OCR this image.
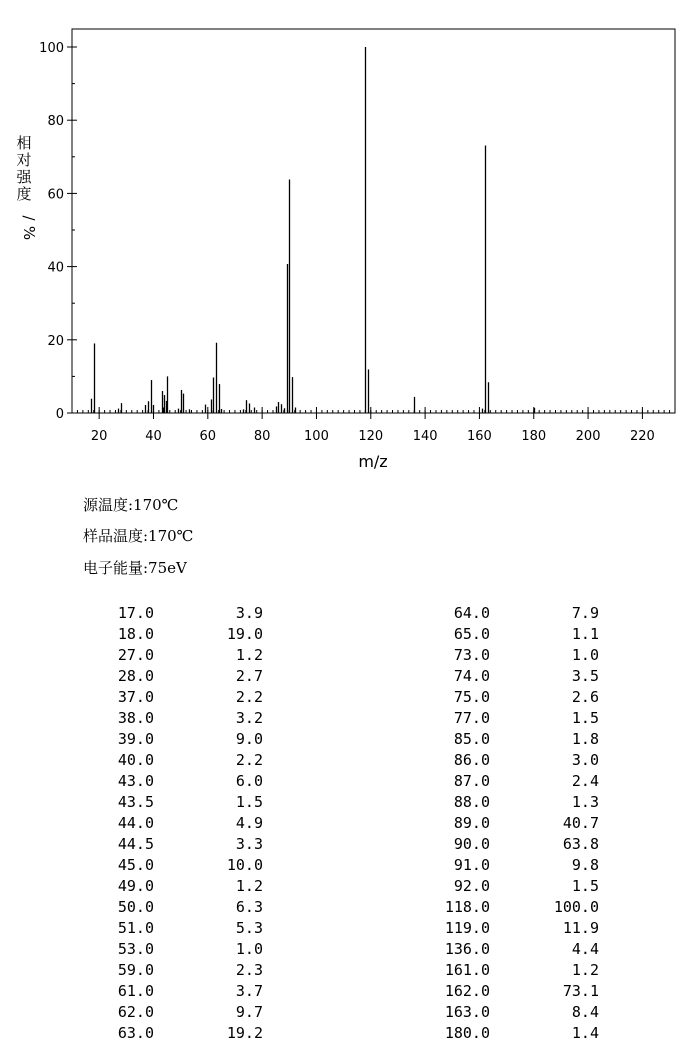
0
20
40
60
80
100
20	40	60	80	100 120 140 160 180 200 220
m/z
相
对
强
度
/
%
源温度:170℃
样品温度:170℃
电子能量:75eV
17.0	3.9	64.0	7.9
18.0	19.0	65.0	1.1
27.0	1.2	73.0	1.0
28.0	2.7	74.0	3.5
37.0	2.2	75.0	2.6
38.0	3.2	77.0	1.5
39.0	9.0	85.0	1.8
40.0	2.2	86.0	3.0
43.0	6.0	87.0	2.4
43.5	1.5	88.0	1.3
44.0	4.9	89.0	40.7
44.5	3.3	90.0	63.8
45.0	10.0	91.0	9.8
49.0	1.2	92.0	1.5
50.0	6.3	118.0	100.0
51.0	5.3	119.0	11.9
53.0	1.0	136.0	4.4
59.0	2.3	161.0	1.2
61.0	3.7	162.0	73.1
62.0	9.7	163.0	8.4
63.0	19.2	180.0	1.4
